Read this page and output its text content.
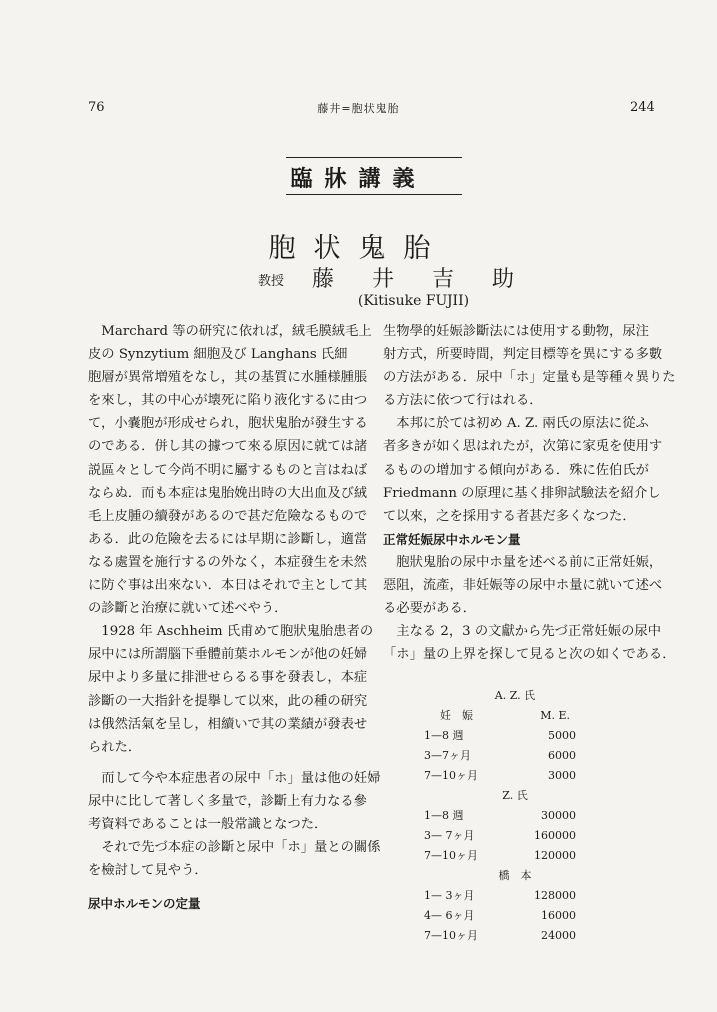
76	藤井=胞状鬼胎	244
臨牀講義
胞状鬼胎
教授 藤井吉助
(Kitisuke FUJII)
　Marchard 等の研究に依れば，絨毛膜絨毛上
皮の Synzytium 細胞及び Langhans 氏細
胞層が異常増殖をなし，其の基質に水腫様腫脹
を來し，其の中心が壊死に陷り液化するに由つ
て，小嚢胞が形成せられ，胞状鬼胎が發生する
のである．併し其の據つて來る原因に就ては諸
説區々として今尚不明に屬するものと言はねば
ならぬ．而も本症は鬼胎娩出時の大出血及び絨
毛上皮腫の續發があるので甚だ危險なるもので
ある．此の危險を去るには早期に診斷し，適當
なる處置を施行するの外なく，本症發生を未然
に防ぐ事は出來ない．本日はそれで主として其
の診斷と治療に就いて述べやう．
　1928 年 Aschheim 氏甫めて胞狀鬼胎患者の
尿中には所謂腦下垂體前葉ホルモンが他の妊婦
尿中より多量に排泄せらるる事を發表し，本症
診斷の一大指針を提擧して以來，此の種の研究
は俄然活氣を呈し，相續いで其の業績が發表せ
られた．
　而して今や本症患者の尿中「ホ」量は他の妊婦
尿中に比して著しく多量で，診斷上有力なる參
考資料であることは一般常識となつた．
　それで先づ本症の診斷と尿中「ホ」量との關係
を檢討して見やう．
尿中ホルモンの定量
生物學的妊娠診斷法には使用する動物，尿注
射方式，所要時間，判定目標等を異にする多數
の方法がある．尿中「ホ」定量も是等種々異りた
る方法に依つて行はれる．
　本邦に於ては初め A. Z. 兩氏の原法に從ふ
者多きが如く思はれたが，次第に家兎を使用す
るものの增加する傾向がある．殊に佐伯氏が
Friedmann の原理に基く排卵試驗法を紹介し
て以來，之を採用する者甚だ多くなつた．
正常妊娠尿中ホルモン量
　胞狀鬼胎の尿中ホ量を述べる前に正常妊娠，
惡阻，流產，非妊娠等の尿中ホ量に就いて述べ
る必要がある．
　主なる 2，3 の文獻から先づ正常妊娠の尿中
「ホ」量の上界を探して見ると次の如くである．
A. Z. 氏
妊　娠	M. E.
1—8 週	5000
3—7ヶ月	6000
7—10ヶ月	3000
Z. 氏
1—8 週	30000
3— 7ヶ月	160000
7—10ヶ月	120000
橋　本
1— 3ヶ月	128000
4— 6ヶ月	16000
7—10ヶ月	24000
